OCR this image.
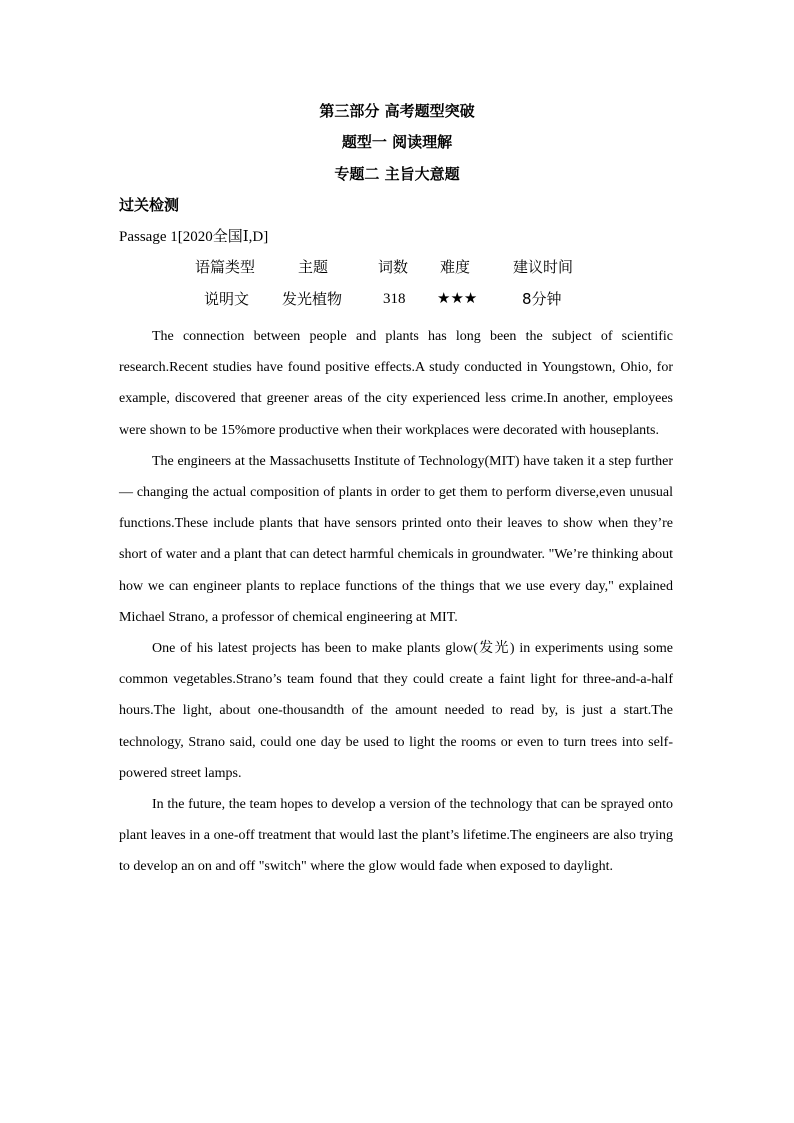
第三部分 高考题型突破
题型一 阅读理解
专题二 主旨大意题
过关检测
Passage 1[2020全国Ⅰ,D]
语篇类型	主题	词数 难度	建议时间
说明文 发光植物	318 ★★★	8分钟

The connection between people and plants has long been the subject of scientific research.Recent studies have found positive effects.A study conducted in Youngstown, Ohio, for example, discovered that greener areas of the city experienced less crime.In another, employees were shown to be 15%more productive when their workplaces were decorated with houseplants.

The engineers at the Massachusetts Institute of Technology(MIT) have taken it a step further — changing the actual composition of plants in order to get them to perform diverse,even unusual functions.These include plants that have sensors printed onto their leaves to show when they’re short of water and a plant that can detect harmful chemicals in groundwater. "We’re thinking about how we can engineer plants to replace functions of the things that we use every day," explained Michael Strano, a professor of chemical engineering at MIT.

One of his latest projects has been to make plants glow(发光) in experiments using some common vegetables.Strano’s team found that they could create a faint light for three-and-a-half hours.The light, about one-thousandth of the amount needed to read by, is just a start.The technology, Strano said, could one day be used to light the rooms or even to turn trees into self-powered street lamps.

In the future, the team hopes to develop a version of the technology that can be sprayed onto plant leaves in a one-off treatment that would last the plant’s lifetime.The engineers are also trying to develop an on and off "switch" where the glow would fade when exposed to daylight.
